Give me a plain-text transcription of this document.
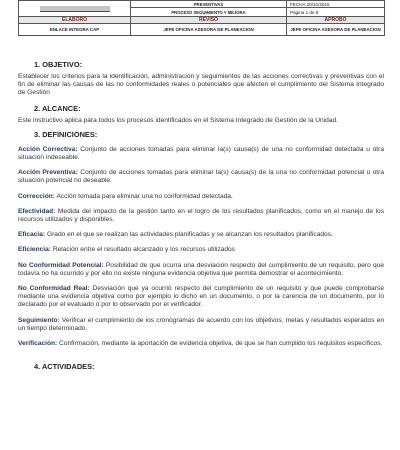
	PREVENTIVAS	FECHA 20/10/2015
	PROCESO SEGUIMIENTO Y MEJORA	Página 1 de 6
ELABORO	REVISO	APROBO
ENLACE INTEGRA CAP	JEFE OFICINA ASESORA DE PLANEACION	JEFE OFICINA ASESORA DE PLANEACION

1. OBJETIVO:

Establecer los criterios para la identificación, administración y seguimientos de las acciones correctivas y preventivas con el fin de eliminar las causas de las no conformidades reales o potenciales que afecten el cumplimiento del Sistema Integrado de Gestión

2. ALCANCE:

Este instructivo aplica para todos los procesos identificados en el Sistema Integrado de Gestión de la Unidad.

3. DEFINICIONES:

Acción Correctiva: Conjunto de acciones tomadas para eliminar la(s) causa(s) de una no conformidad detectada u otra situación indeseable.

Acción Preventiva: Conjunto de acciones tomadas para eliminar la(s) causa(s) de la una no conformidad potencial u otra situación potencial no deseable.

Corrección: Acción tomada para eliminar una no conformidad detectada.

Efectividad: Medida del impacto de la gestión tanto en el logro de los resultados planificados, como en el manejo de los recursos utilizados y disponibles.

Eficacia: Grado en el que se realizan las actividades planificadas y se alcanzan los resultados planificados.

Eficiencia: Relación entre el resultado alcanzado y los recursos utilizados

No Conformidad Potencial: Posibilidad de que ocurra una desviación respecto del cumplimiento de un requisito, pero que todavía no ha ocurrido y por ello no existe ninguna evidencia objetiva que permita demostrar el acontecimiento.

No Conformidad Real: Desviación que ya ocurrió respecto del cumplimiento de un requisito y que puede comprobarse mediante una evidencia objetiva como por ejemplo lo dicho en un documento, o por la carencia de un documento, por lo declarado por el evaluado o por lo observado por el verificador.

Seguimiento: Verificar el cumplimiento de los cronogramas de acuerdo con los objetivos, metas y resultados esperados en un tiempo determinado.

Verificación: Confirmación, mediante la aportación de evidencia objetiva, de que se han cumplido los requisitos específicos.

4. ACTIVIDADES:
